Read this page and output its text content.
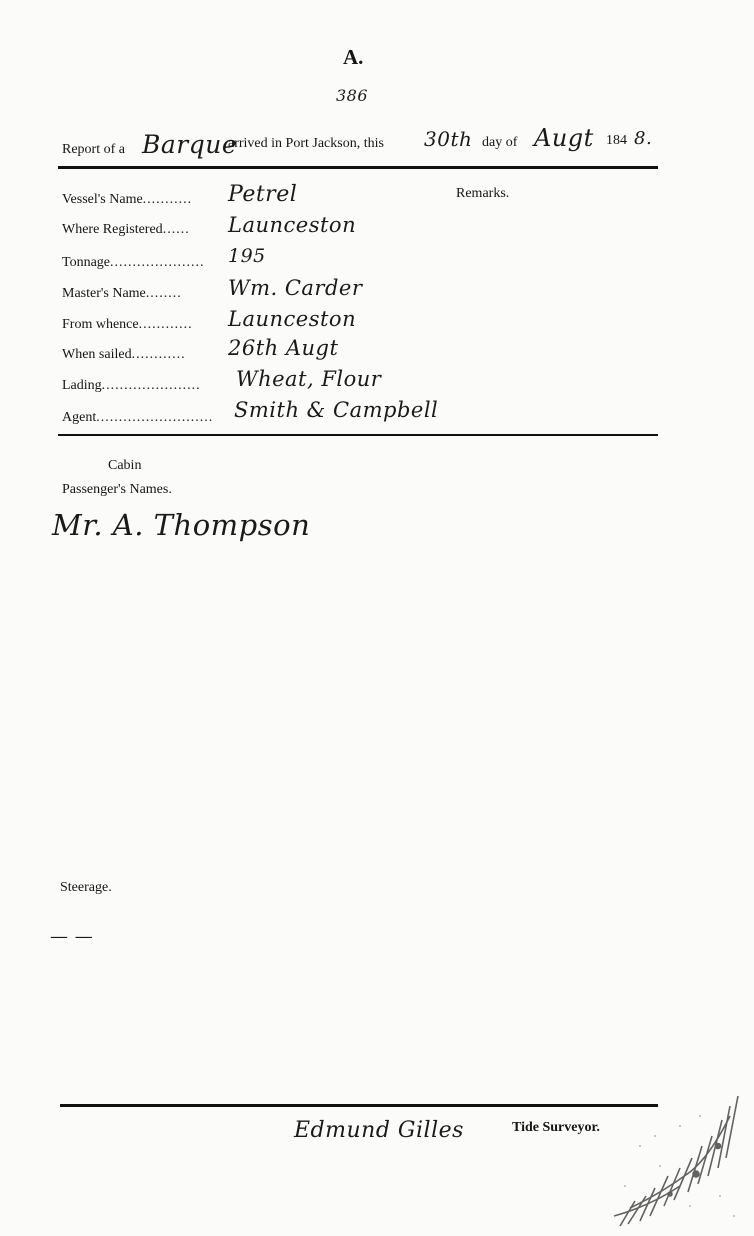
A.
386
Report of a Barque
arrived in Port Jackson, this 30th day of Augt 184 8.
Remarks.
Vessel's Name........... Petrel
Where Registered...... Launceston
Tonnage..................... 195
Master's Name........ Wm. Carder
From whence............ Launceston
When sailed............ 26th Augt
Lading...................... Wheat, Flour
Agent.......................... Smith & Campbell
Cabin
Passenger's Names.
Mr. A. Thompson
Steerage.
— —
Edmund Gilles	Tide Surveyor.
